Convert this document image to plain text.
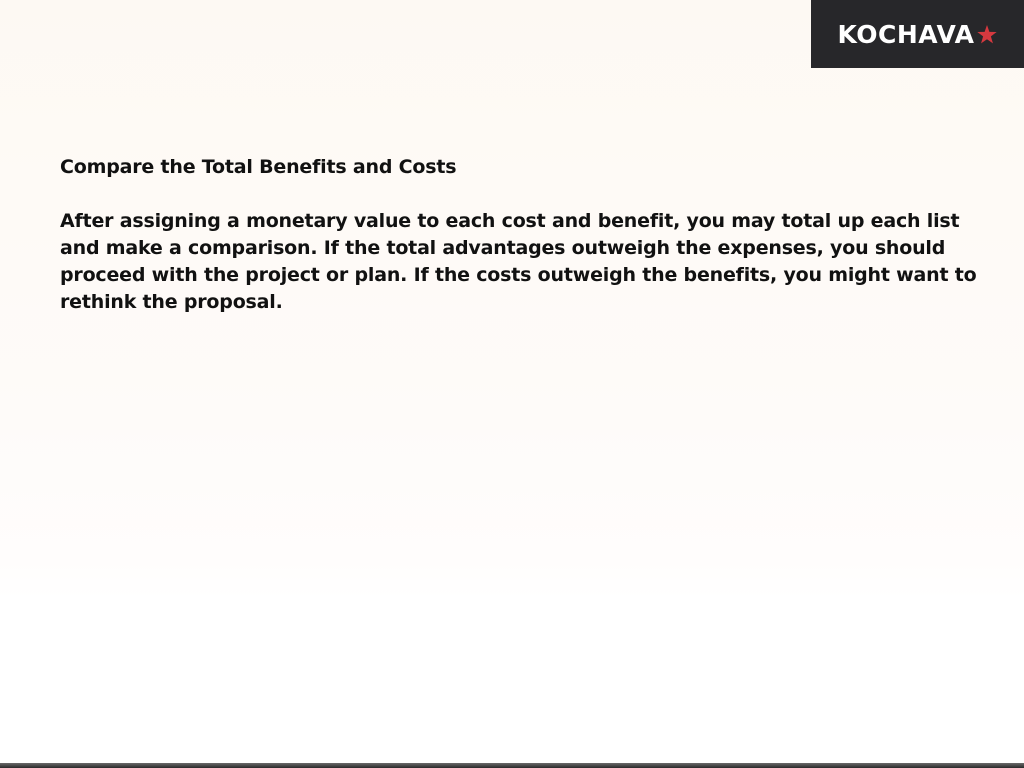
KOCHAVA
Compare the Total Benefits and Costs

After assigning a monetary value to each cost and benefit, you may total up each list and make a comparison. If the total advantages outweigh the expenses, you should proceed with the project or plan. If the costs outweigh the benefits, you might want to rethink the proposal.
